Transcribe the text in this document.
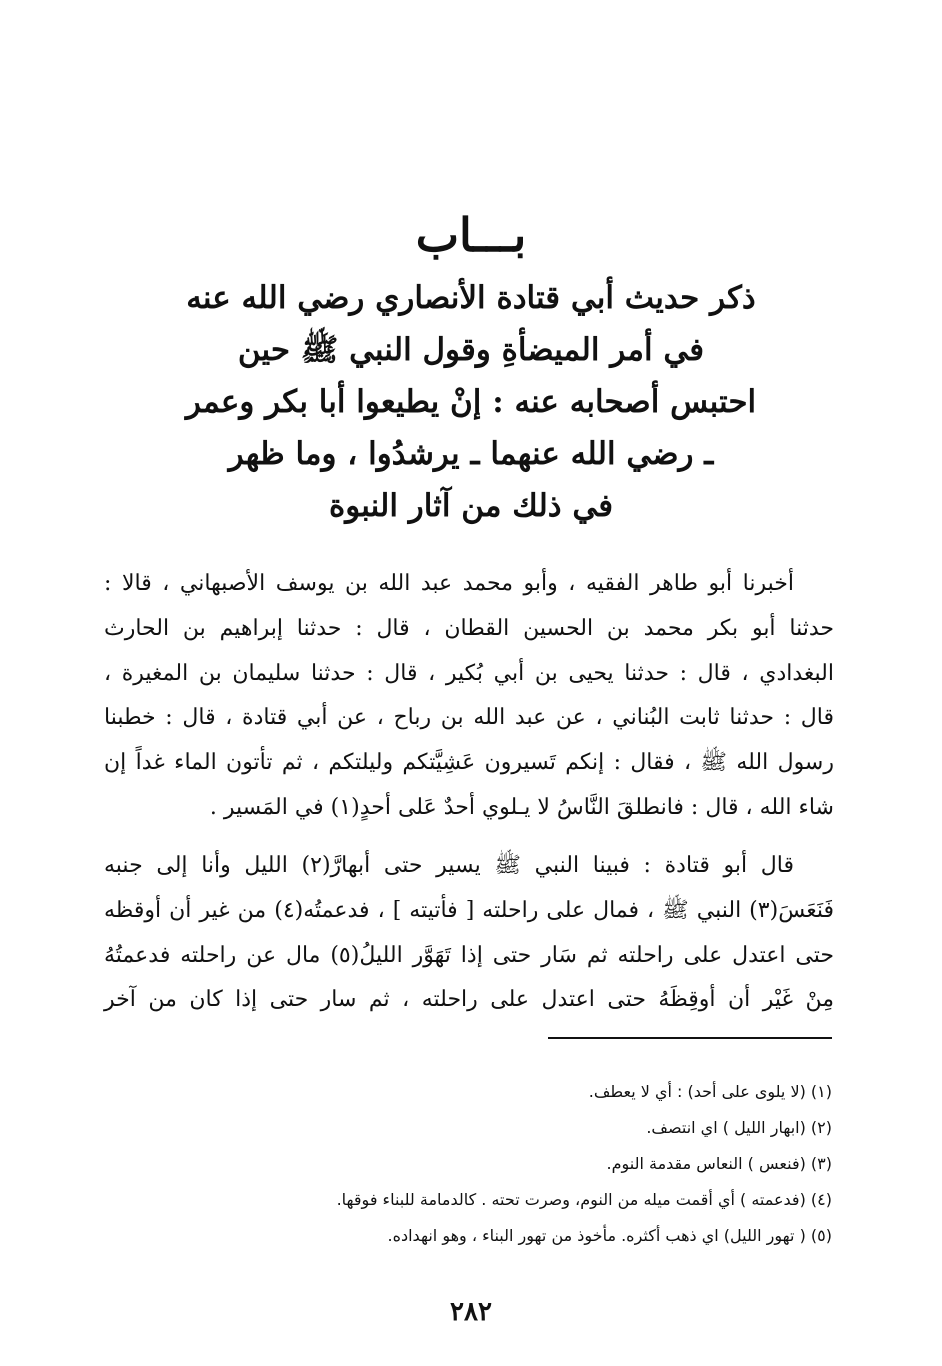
بـــاب
ذكر حديث أبي قتادة الأنصاري رضي الله عنه
في أمر الميضأةِ وقول النبي ﷺ حين
احتبس أصحابه عنه : إنْ يطيعوا أبا بكر وعمر
ـ رضي الله عنهما ـ يرشدُوا ، وما ظهر
في ذلك من آثار النبوة
أخبرنا أبو طاهر الفقيه ، وأبو محمد عبد الله بن يوسف الأصبهاني ، قالا :
حدثنا أبو بكر محمد بن الحسين القطان ، قال : حدثنا إبراهيم بن الحارث
البغدادي ، قال : حدثنا يحيى بن أبي بُكير ، قال : حدثنا سليمان بن المغيرة ،
قال : حدثنا ثابت البُناني ، عن عبد الله بن رباح ، عن أبي قتادة ، قال : خطبنا
رسول الله ﷺ ، فقال : إنكم تَسيرون عَشِيَّتكم وليلتكم ، ثم تأتون الماء غداً إن
شاء الله ، قال : فانطلقَ النَّاسُ لا يـلوي أحدٌ عَلى أحدٍ(١) في المَسير .
قال أبو قتادة : فبينا النبي ﷺ يسير حتى أبهارَّ(٢) الليل وأنا إلى جنبه
فَنَعَسَ(٣) النبي ﷺ ، فمال على راحلته [ فأتيته ] ، فدعمتُه(٤) من غير أن أوقظه
حتى اعتدل على راحلته ثم سَار حتى إذا تَهَوَّر الليلُ(٥) مال عن راحلته فدعمتُهُ
مِنْ غَيْر أن أوقِظَهُ حتى اعتدل على راحلته ، ثم سار حتى إذا كان من آخر
(١) (لا يلوى على أحد) : أي لا يعطف.
(٢) (ابهار الليل ) اي انتصف.
(٣) (فنعس ) النعاس مقدمة النوم.
(٤) (فدعمته ) أي أقمت ميله من النوم، وصرت تحته . كالدمامة للبناء فوقها.
(٥) ( تهور الليل) اي ذهب أكثره. مأخوذ من تهور البناء ، وهو انهداده.
٢٨٢
